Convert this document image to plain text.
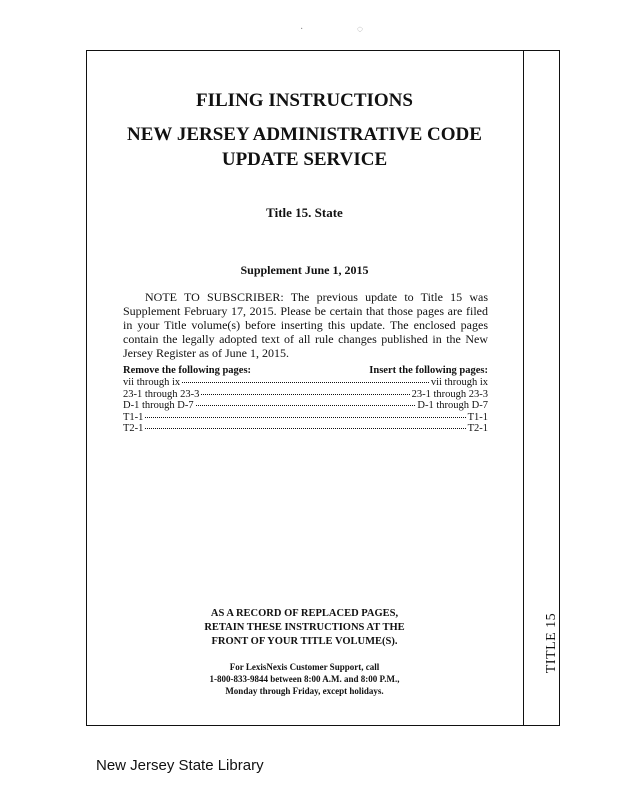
TITLE 15
·	◌
FILING INSTRUCTIONS
NEW JERSEY ADMINISTRATIVE CODE
UPDATE SERVICE
Title 15. State
Supplement June 1, 2015
NOTE TO SUBSCRIBER: The previous update to Title 15 was Supplement February 17, 2015. Please be certain that those pages are filed in your Title volume(s) before inserting this update. The enclosed pages contain the legally adopted text of all rule changes published in the New Jersey Register as of June 1, 2015.
Remove the following pages:	Insert the following pages:
vii through ix	vii through ix
23-1 through 23-3	23-1 through 23-3
D-1 through D-7	D-1 through D-7
T1-1	T1-1
T2-1	T2-1
AS A RECORD OF REPLACED PAGES,
RETAIN THESE INSTRUCTIONS AT THE
FRONT OF YOUR TITLE VOLUME(S).
For LexisNexis Customer Support, call
1-800-833-9844 between 8:00 A.M. and 8:00 P.M.,
Monday through Friday, except holidays.
New Jersey State Library
